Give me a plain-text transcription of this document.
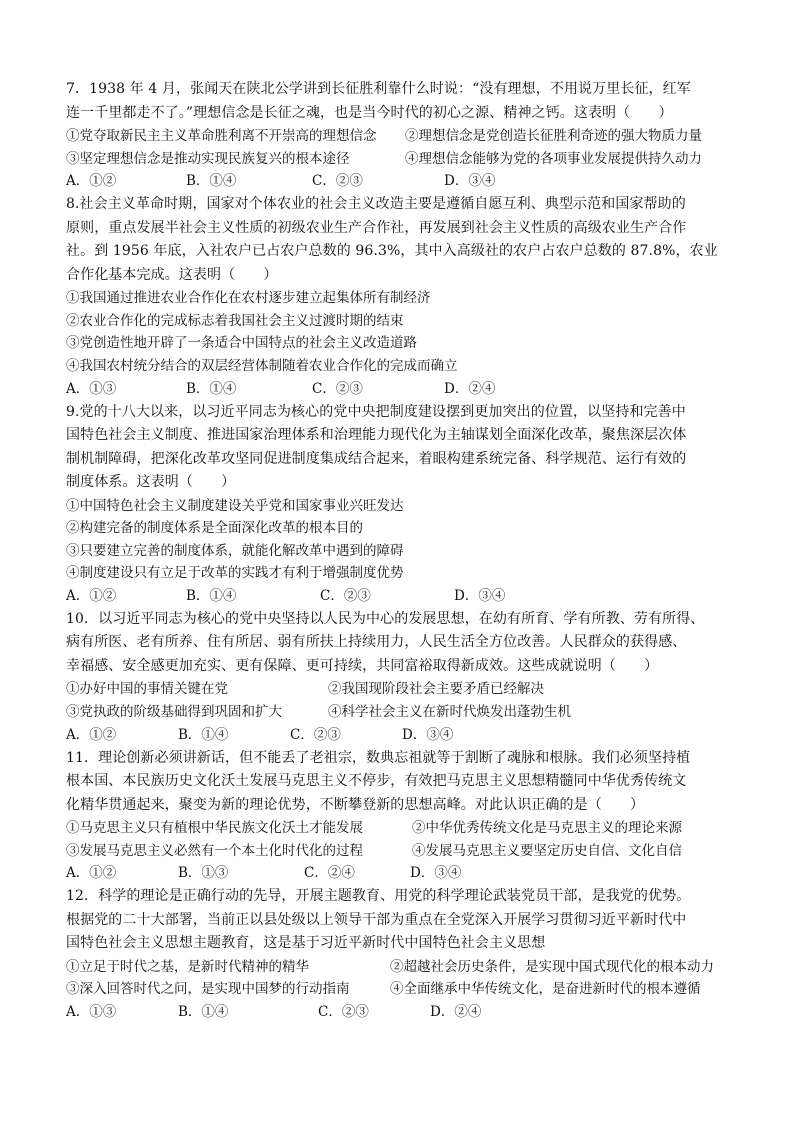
7．1938 年 4 月，张闻天在陕北公学讲到长征胜利靠什么时说：“没有理想，不用说万里长征，红军

连一千里都走不了。”理想信念是长征之魂，也是当今时代的初心之源、精神之钙。这表明（　　）

①党夺取新民主主义革命胜利离不开崇高的理想信念	②理想信念是党创造长征胜利奇迹的强大物质力量
③坚定理想信念是推动实现民族复兴的根本途径	④理想信念能够为党的各项事业发展提供持久动力
A．①②	B．①④	C．②③	D．③④

8.社会主义革命时期，国家对个体农业的社会主义改造主要是遵循自愿互利、典型示范和国家帮助的

原则，重点发展半社会主义性质的初级农业生产合作社，再发展到社会主义性质的高级农业生产合作

社。到 1956 年底，入社农户已占农户总数的 96.3%，其中入高级社的农户占农户总数的 87.8%，农业

合作化基本完成。这表明（　　）

①我国通过推进农业合作化在农村逐步建立起集体所有制经济

②农业合作化的完成标志着我国社会主义过渡时期的结束

③党创造性地开辟了一条适合中国特点的社会主义改造道路

④我国农村统分结合的双层经营体制随着农业合作化的完成而确立

A．①③	B．①④	C．②③	D．②④

9.党的十八大以来，以习近平同志为核心的党中央把制度建设摆到更加突出的位置，以坚持和完善中

国特色社会主义制度、推进国家治理体系和治理能力现代化为主轴谋划全面深化改革，聚焦深层次体

制机制障碍，把深化改革攻坚同促进制度集成结合起来，着眼构建系统完备、科学规范、运行有效的

制度体系。这表明（　　）

①中国特色社会主义制度建设关乎党和国家事业兴旺发达

②构建完备的制度体系是全面深化改革的根本目的

③只要建立完善的制度体系，就能化解改革中遇到的障碍

④制度建设只有立足于改革的实践才有利于增强制度优势

A．①②	B．①④	C．②③	D．③④

10．以习近平同志为核心的党中央坚持以人民为中心的发展思想，在幼有所育、学有所教、劳有所得、

病有所医、老有所养、住有所居、弱有所扶上持续用力，人民生活全方位改善。人民群众的获得感、

幸福感、安全感更加充实、更有保障、更可持续，共同富裕取得新成效。这些成就说明（　　）

①办好中国的事情关键在党	②我国现阶段社会主要矛盾已经解决
③党执政的阶级基础得到巩固和扩大	④科学社会主义在新时代焕发出蓬勃生机
A．①②	B．①④	C．②③	D．③④

11．理论创新必须讲新话，但不能丢了老祖宗，数典忘祖就等于割断了魂脉和根脉。我们必须坚持植

根本国、本民族历史文化沃土发展马克思主义不停步，有效把马克思主义思想精髓同中华优秀传统文

化精华贯通起来，聚变为新的理论优势，不断攀登新的思想高峰。对此认识正确的是（　　）

①马克思主义只有植根中华民族文化沃土才能发展	②中华优秀传统文化是马克思主义的理论来源
③发展马克思主义必然有一个本土化时代化的过程	④发展马克思主义要坚定历史自信、文化自信
A．①②	B．①③	C．②④	D．③④

12．科学的理论是正确行动的先导，开展主题教育、用党的科学理论武装党员干部，是我党的优势。

根据党的二十大部署，当前正以县处级以上领导干部为重点在全党深入开展学习贯彻习近平新时代中

国特色社会主义思想主题教育，这是基于习近平新时代中国特色社会主义思想

①立足于时代之基，是新时代精神的精华	②超越社会历史条件，是实现中国式现代化的根本动力
③深入回答时代之问，是实现中国梦的行动指南	④全面继承中华传统文化，是奋进新时代的根本遵循
A．①③	B．①④	C．②③	D．②④
